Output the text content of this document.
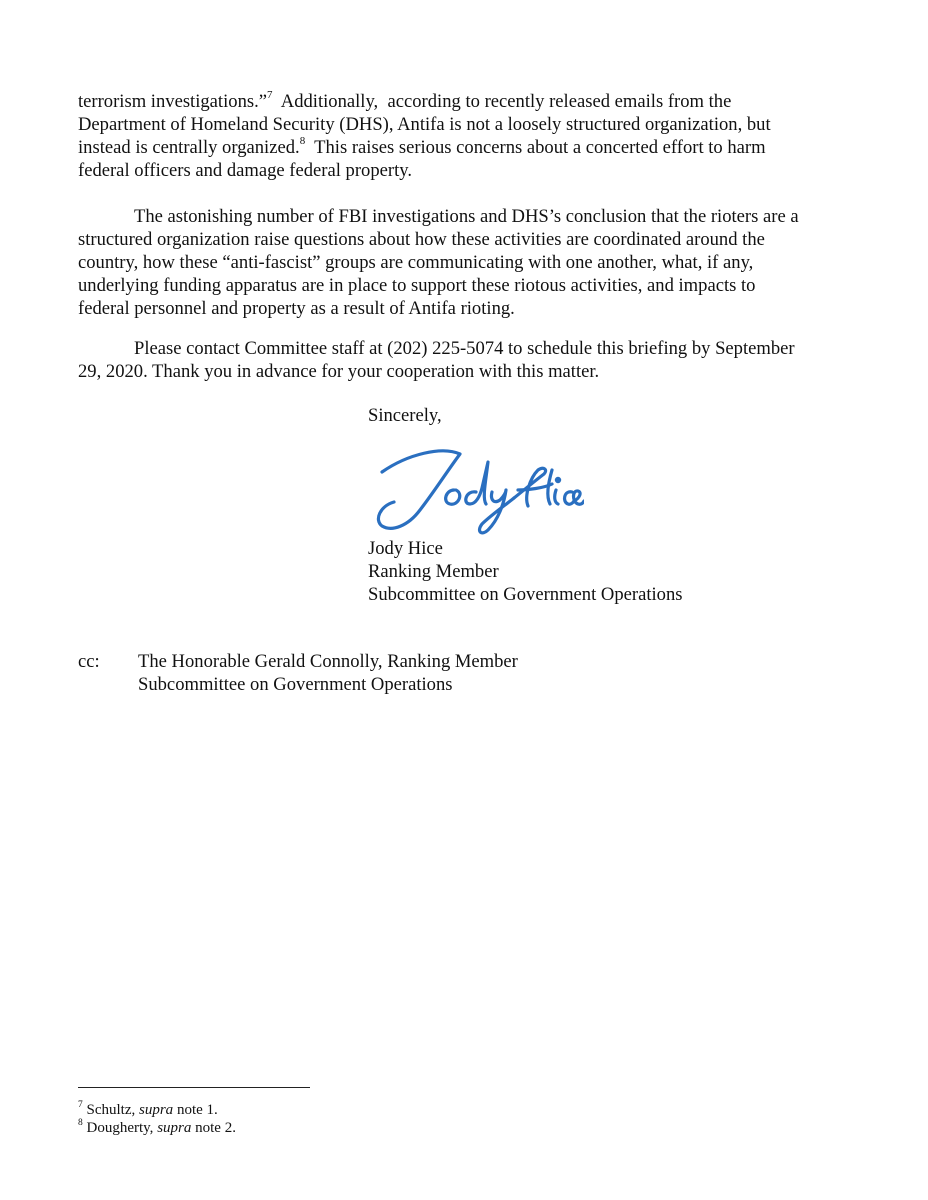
terrorism investigations.”$^7$  Additionally,  according to recently released emails from the

Department of Homeland Security (DHS), Antifa is not a loosely structured organization, but

instead is centrally organized.$^8$  This raises serious concerns about a concerted effort to harm

federal officers and damage federal property.

The astonishing number of FBI investigations and DHS’s conclusion that the rioters are a

structured organization raise questions about how these activities are coordinated around the

country, how these “anti-fascist” groups are communicating with one another, what, if any,

underlying funding apparatus are in place to support these riotous activities, and impacts to

federal personnel and property as a result of Antifa rioting.

Please contact Committee staff at (202) 225-5074 to schedule this briefing by September

29, 2020. Thank you in advance for your cooperation with this matter.

Sincerely,

Jody Hice

Ranking Member

Subcommittee on Government Operations

cc: The Honorable Gerald Connolly, Ranking Member

Subcommittee on Government Operations

$^7$ Schultz, supra note 1.

$^8$ Dougherty, supra note 2.
